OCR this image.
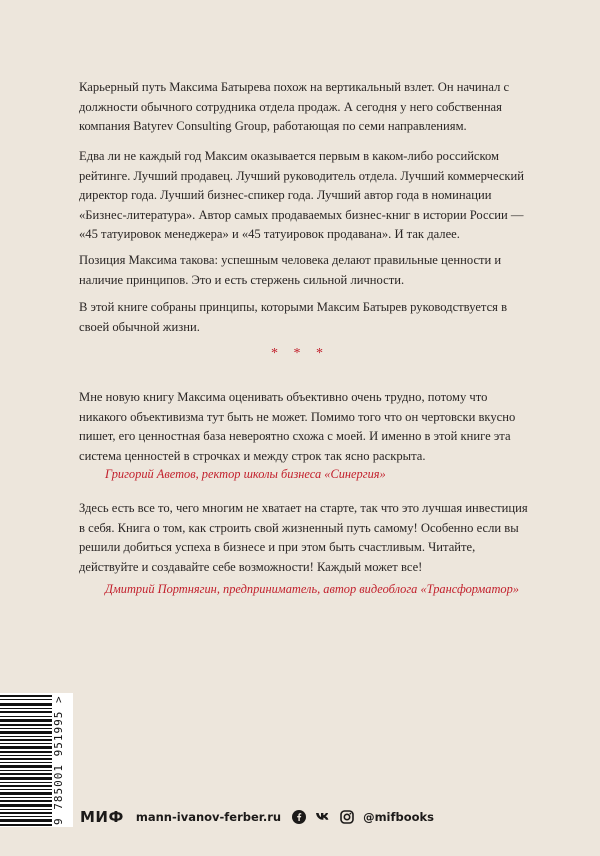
Карьерный путь Максима Батырева похож на вертикальный взлет. Он начинал с должности обычного сотрудника отдела продаж. А сегодня у него собственная компания Batyrev Consulting Group, работающая по семи направлениям.

Едва ли не каждый год Максим оказывается первым в каком-либо российском рейтинге. Лучший продавец. Лучший руководитель отдела. Лучший коммерческий директор года. Лучший бизнес-спикер года. Лучший автор года в номинации «Бизнес-литература». Автор самых продаваемых бизнес-книг в истории России — «45 татуировок менеджера» и «45 татуировок продавана». И так далее.

Позиция Максима такова: успешным человека делают правильные ценности и наличие принципов. Это и есть стержень сильной личности.

В этой книге собраны принципы, которыми Максим Батырев руководствуется в своей обычной жизни.

* * *

Мне новую книгу Максима оценивать объективно очень трудно, потому что никакого объективизма тут быть не может. Помимо того что он чертовски вкусно пишет, его ценностная база невероятно схожа с моей. И именно в этой книге эта система ценностей в строчках и между строк так ясно раскрыта.

Григорий Аветов, ректор школы бизнеса «Синергия»

Здесь есть все то, чего многим не хватает на старте, так что это лучшая инвестиция в себя. Книга о том, как строить свой жизненный путь самому! Особенно если вы решили добиться успеха в бизнесе и при этом быть счастливым. Читайте, действуйте и создавайте себе возможности! Каждый может все!

Дмитрий Портнягин, предприниматель, автор видеоблога «Трансформатор»
9 785001 951995 >	МИФ mann-ivanov-ferber.ru	@mifbooks
